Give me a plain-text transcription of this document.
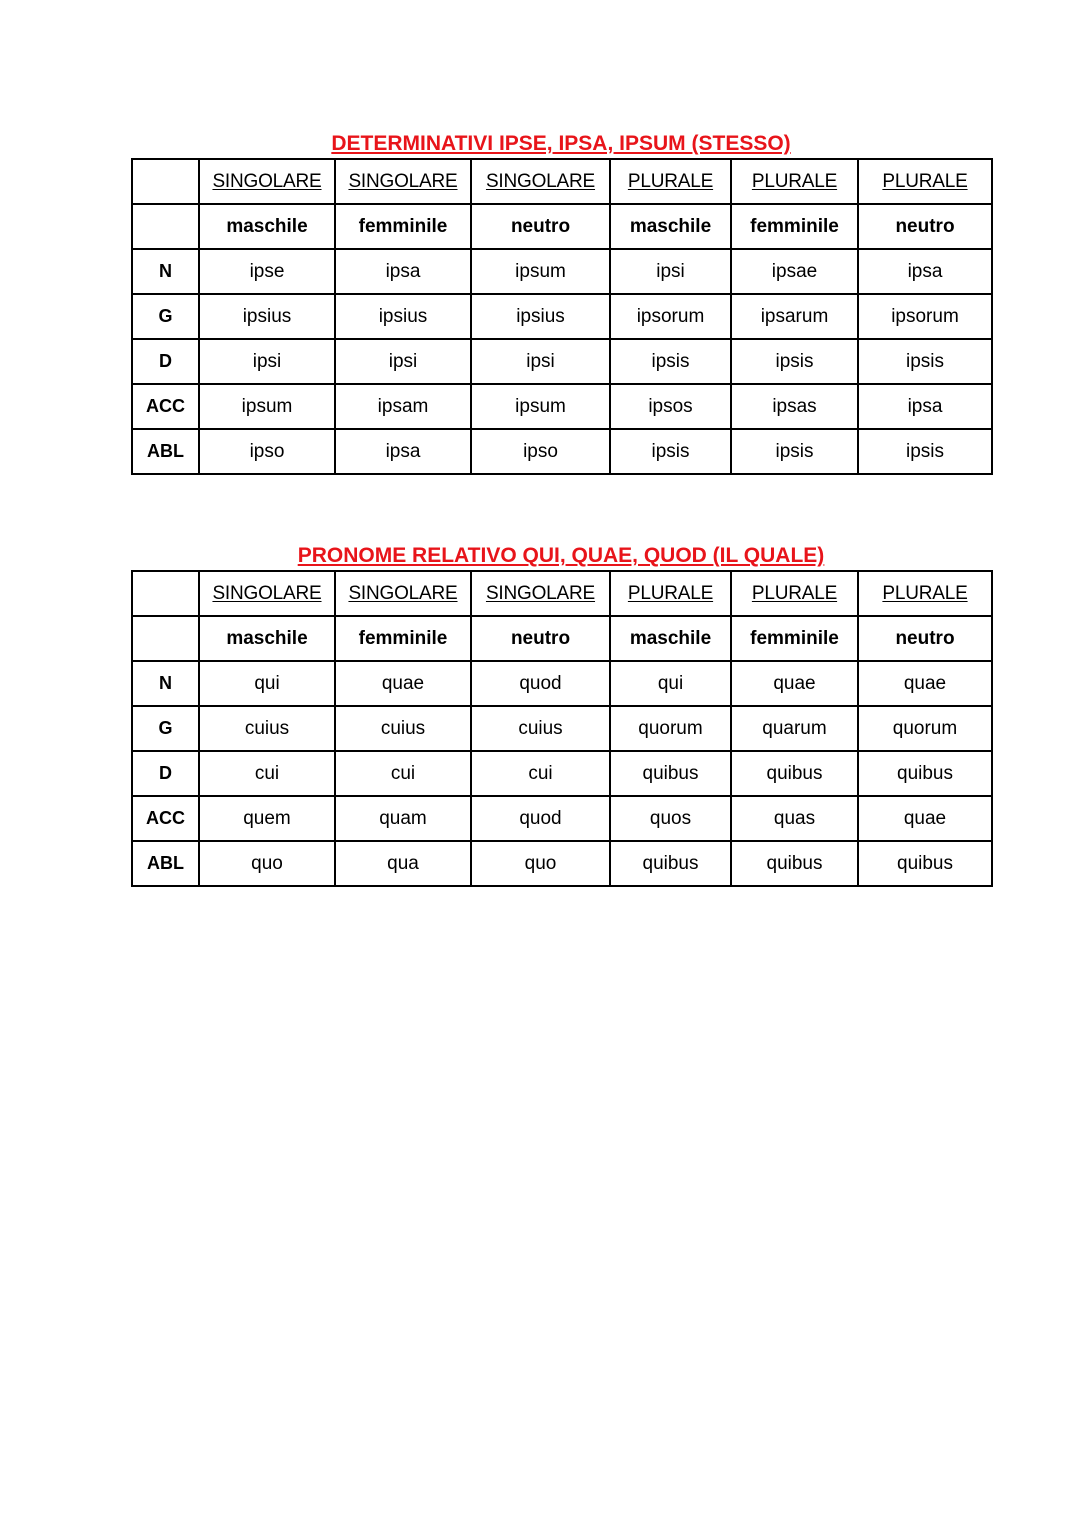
DETERMINATIVI IPSE, IPSA, IPSUM (STESSO)
	SINGOLARE	SINGOLARE	SINGOLARE	PLURALE	PLURALE	PLURALE
	maschile	femminile	neutro	maschile	femminile	neutro
N	ipse	ipsa	ipsum	ipsi	ipsae	ipsa
G	ipsius	ipsius	ipsius	ipsorum	ipsarum	ipsorum
D	ipsi	ipsi	ipsi	ipsis	ipsis	ipsis
ACC	ipsum	ipsam	ipsum	ipsos	ipsas	ipsa
ABL	ipso	ipsa	ipso	ipsis	ipsis	ipsis
PRONOME RELATIVO QUI, QUAE, QUOD (IL QUALE)
	SINGOLARE	SINGOLARE	SINGOLARE	PLURALE	PLURALE	PLURALE
	maschile	femminile	neutro	maschile	femminile	neutro
N	qui	quae	quod	qui	quae	quae
G	cuius	cuius	cuius	quorum	quarum	quorum
D	cui	cui	cui	quibus	quibus	quibus
ACC	quem	quam	quod	quos	quas	quae
ABL	quo	qua	quo	quibus	quibus	quibus
